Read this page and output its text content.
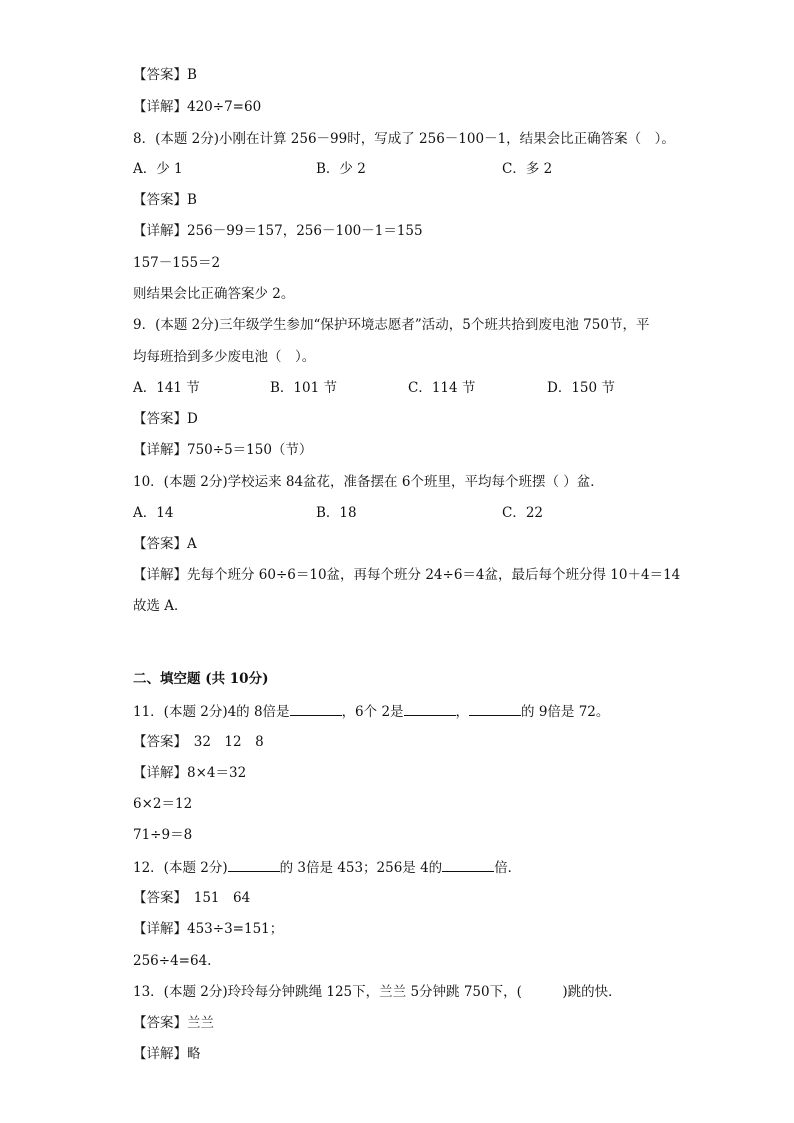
【答案】B
【详解】420÷7=60
8．(本题 2分)小刚在计算 256－99时，写成了 256－100－1，结果会比正确答案（　）。
A．少 1	B．少 2	C．多 2
【答案】B
【详解】256－99＝157，256－100－1＝155
157－155＝2
则结果会比正确答案少 2。
9．(本题 2分)三年级学生参加“保护环境志愿者”活动，5个班共拾到废电池 750节，平
均每班拾到多少废电池（　）。
A．141 节	B．101 节	C．114 节	D．150 节
【答案】D
【详解】750÷5＝150（节）
10．(本题 2分)学校运来 84盆花，准备摆在 6个班里，平均每个班摆（ ）盆．
A．14	B．18	C．22
【答案】A
【详解】先每个班分 60÷6＝10盆，再每个班分 24÷6＝4盆，最后每个班分得 10＋4＝14
故选 A．
二、填空题 (共 10分)
11．(本题 2分)4的 8倍是	，6个 2是	，	的 9倍是 72。
【答案】　32　12　8
【详解】8×4＝32
6×2＝12
71÷9＝8
12．(本题 2分)	的 3倍是 453；256是 4的	倍．
【答案】　151　64
【详解】453÷3=151；
256÷4=64.
13．(本题 2分)玲玲每分钟跳绳 125下，兰兰 5分钟跳 750下，(　　　)跳的快．
【答案】兰兰
【详解】略
